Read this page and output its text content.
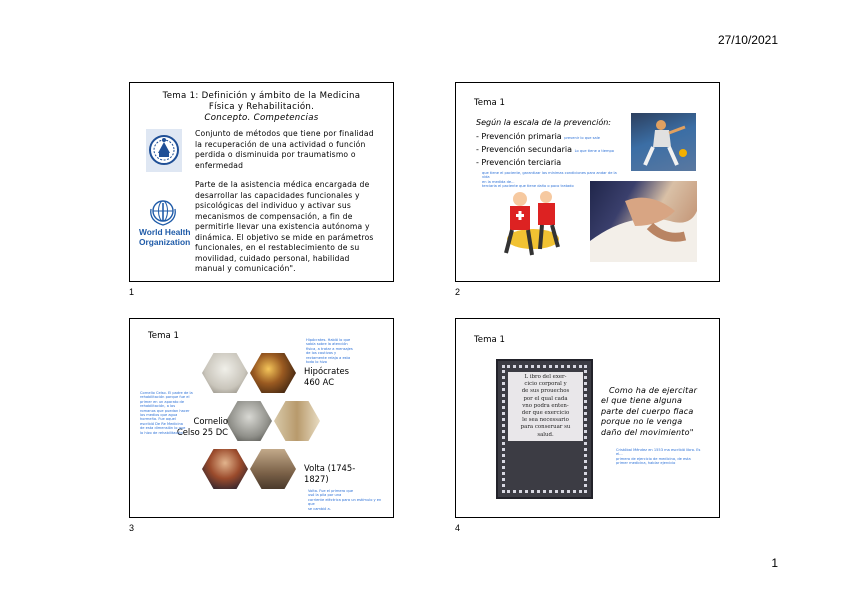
27/10/2021
Tema 1: Definición y ámbito de la Medicina
Física y Rehabilitación.
Concepto. Competencias
Conjunto de métodos que tiene por finalidad
la recuperación de una actividad o función
perdida o disminuida por traumatismo o
enfermedad
World Health
Organization
Parte de la asistencia médica encargada de
desarrollar las capacidades funcionales y
psicológicas del individuo y activar sus
mecanismos de compensación, a fin de
permitirle llevar una existencia autónoma y
dinámica. El objetivo se mide en parámetros
funcionales, en el restablecimiento de su
movilidad, cuidado personal, habilidad
manual y comunicación".
1
Tema 1
Según la escala de la prevención:
- Prevención primaria prevenir lo que sale
- Prevención secundaria Lo que tiene a tiempo
- Prevención terciaria
que tiene el paciente, garantizar las mínimas condiciones para andar de la vida
en la medida de...
terciaria el paciente que tiene daño o poco tratado
2
Tema 1
Hipócrates
460 AC
Cornelio
Celso 25 DC
Volta (1745-
1827)
Hipócrates. Habló lo que
sabía sobre la atención
física, a tratar a mensajes
de los cautivos y
rectamente relaja a esta
todo lo hizo
Cornelio Celso. El padre de la
rehabilitación porque fue el
primer en un aparato de
rehabilitación, a los
romanos que puedan hacer
los medios que agua
hormeña. Fue aquel
escribió De Re Medicina
de esta dimensión lo que
lo hizo de rehabilitación
Volta. Fue el primero que
usó la pila por una
corriente eléctrica para un estímulo y en que
se cambió a.
3
Tema 1
L ibro del exer-
cicio corporal y
de sus prouechos
por el qual cada
vno podra enten-
der que exercicio
le sea necessario
para conseruar su
salud.
Como ha de ejercitar
el que tiene alguna
parte del cuerpo flaca
porque no le venga
daño del movimiento"
Cristóbal Méndez en 1553 ma escribió libro. Es
el...
primero de ejercicio de medicina, de esta
primer medicina, hablar ejercicio
4
1
